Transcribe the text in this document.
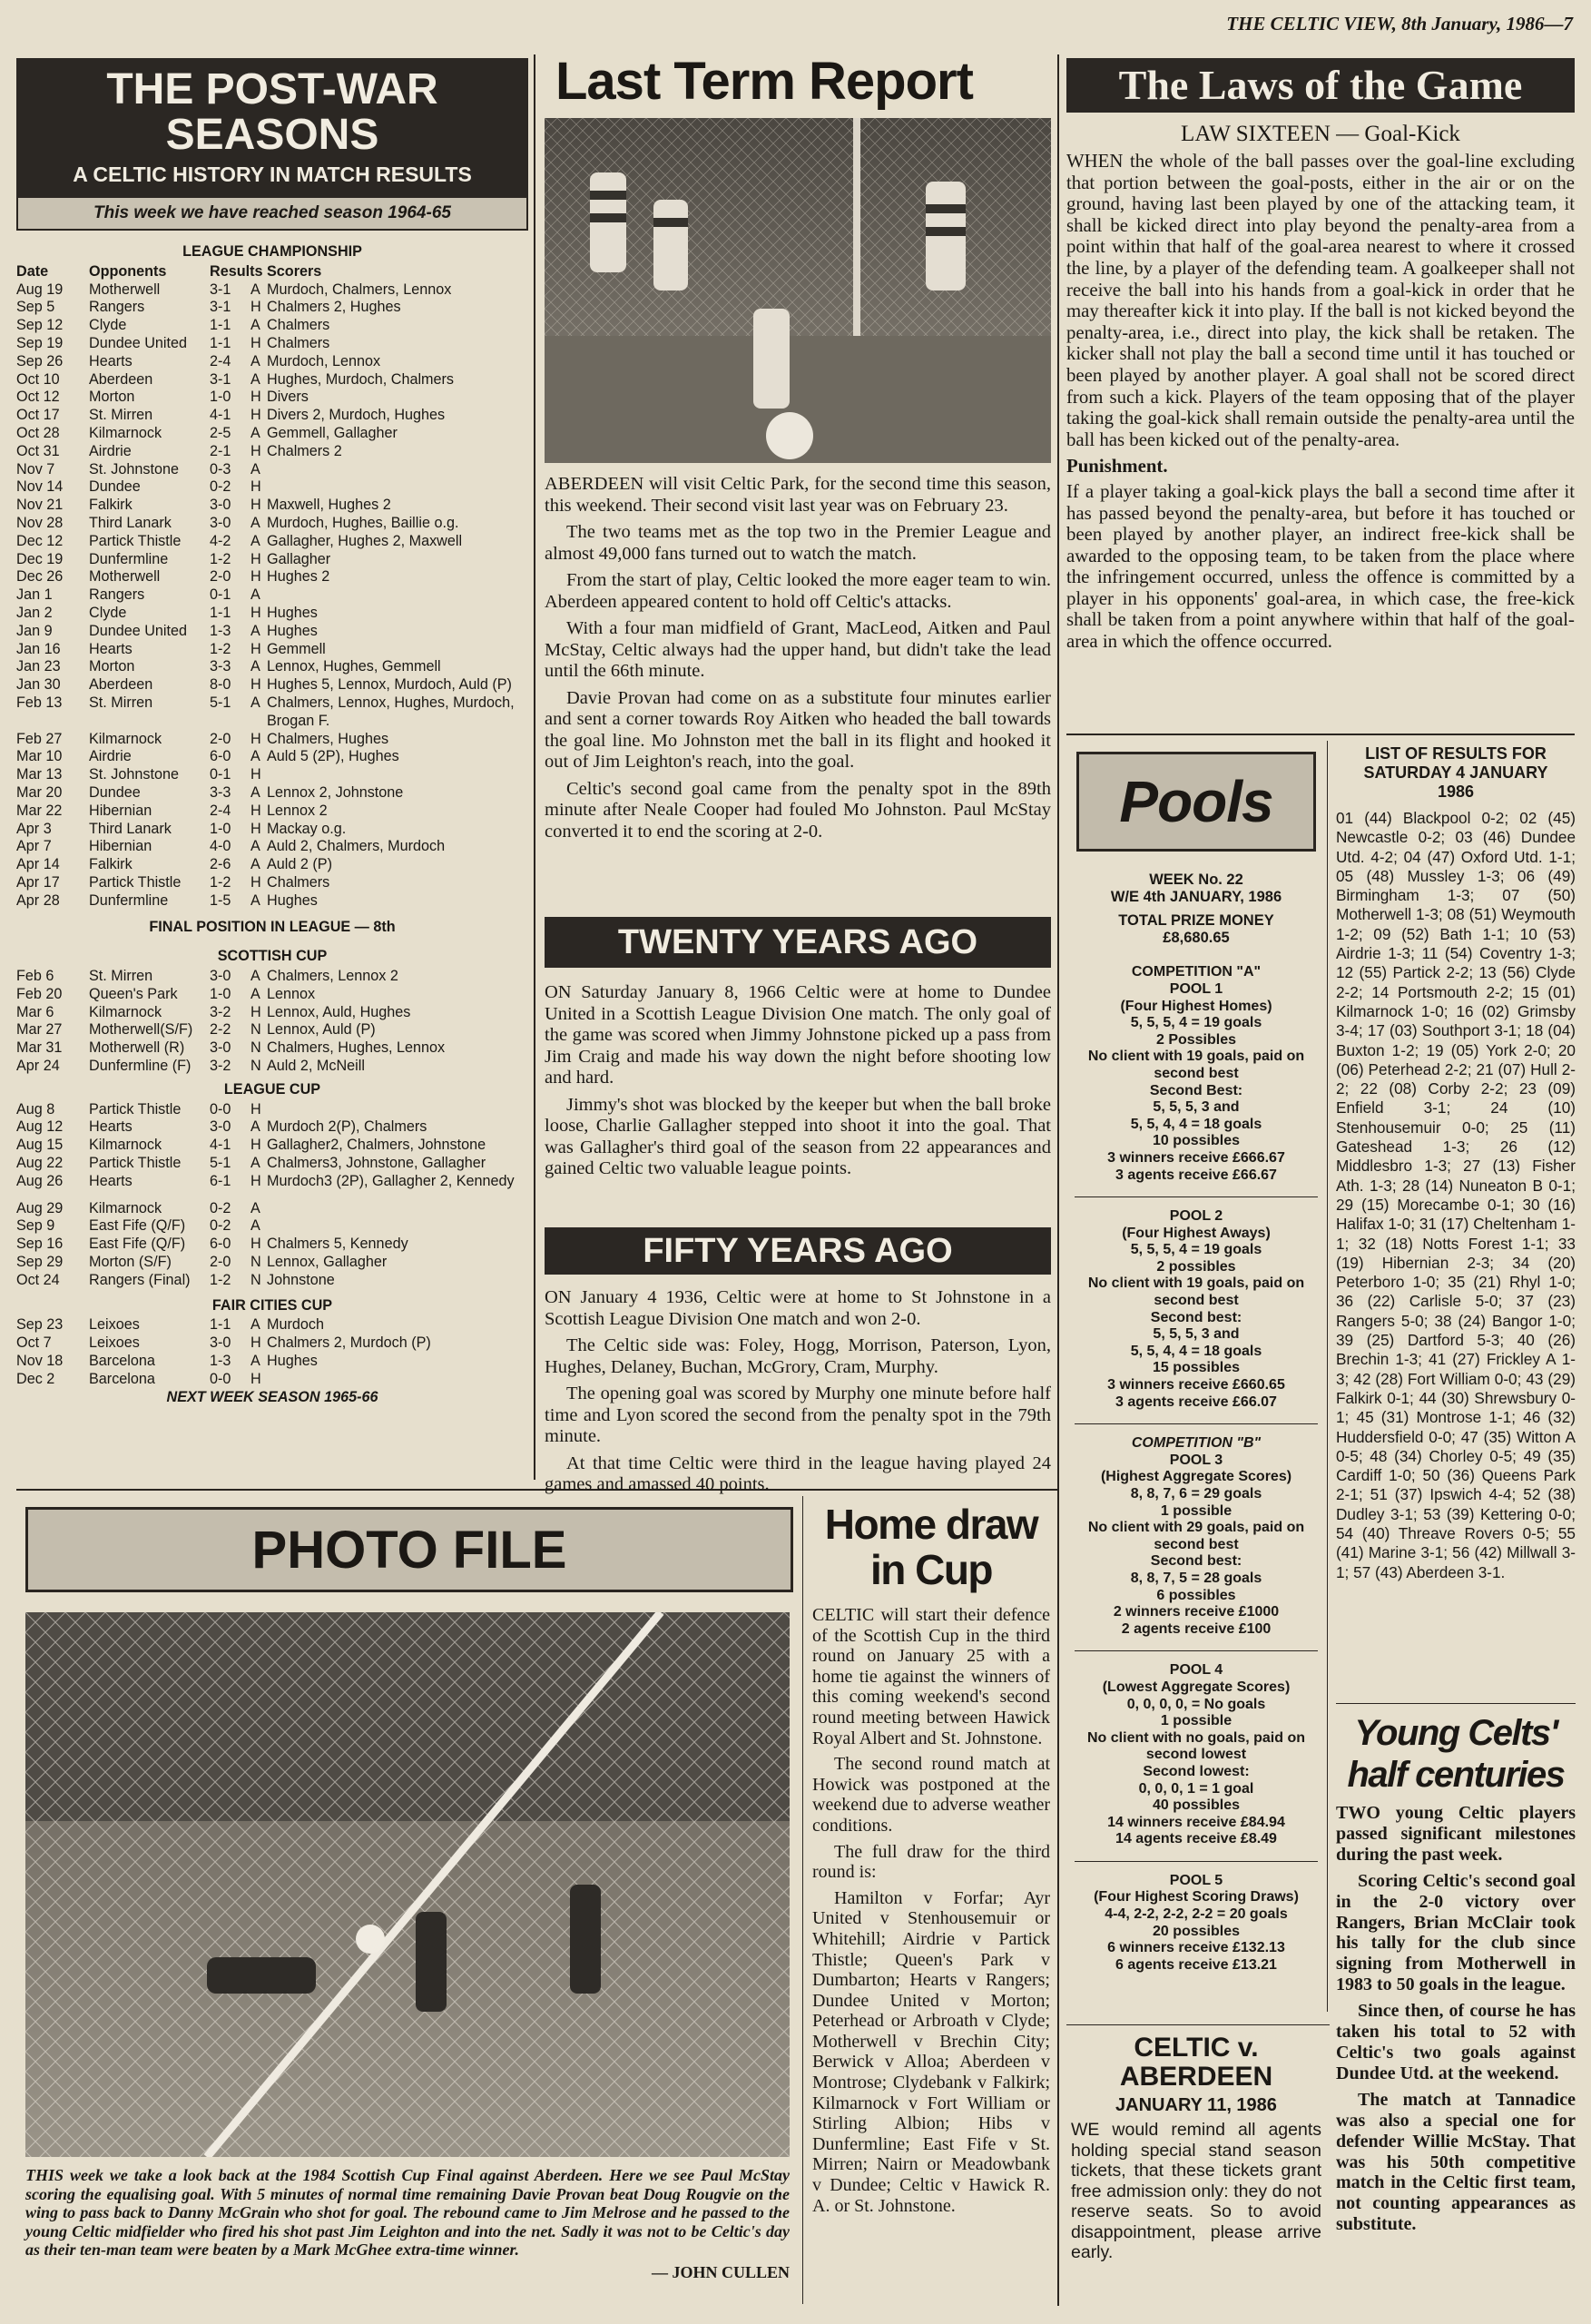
THE CELTIC VIEW, 8th January, 1986—7
THE POST-WAR
SEASONS
A CELTIC HISTORY IN MATCH RESULTS
This week we have reached season 1964-65
LEAGUE CHAMPIONSHIP
Date	Opponents	Results Scorers
Aug 19	Motherwell	3-1	A Murdoch, Chalmers, Lennox
Sep 5	Rangers	3-1	H Chalmers 2, Hughes
Sep 12	Clyde	1-1	A Chalmers
Sep 19	Dundee United	1-1	H Chalmers
Sep 26	Hearts	2-4	A Murdoch, Lennox
Oct 10	Aberdeen	3-1	A Hughes, Murdoch, Chalmers
Oct 12	Morton	1-0	H Divers
Oct 17	St. Mirren	4-1	H Divers 2, Murdoch, Hughes
Oct 28	Kilmarnock	2-5	A Gemmell, Gallagher
Oct 31	Airdrie	2-1	H Chalmers 2
Nov 7	St. Johnstone	0-3	A
Nov 14	Dundee	0-2	H
Nov 21	Falkirk	3-0	H Maxwell, Hughes 2
Nov 28	Third Lanark	3-0	A Murdoch, Hughes, Baillie o.g.
Dec 12	Partick Thistle	4-2	A Gallagher, Hughes 2, Maxwell
Dec 19	Dunfermline	1-2	H Gallagher
Dec 26	Motherwell	2-0	H Hughes 2
Jan 1	Rangers	0-1	A
Jan 2	Clyde	1-1	H Hughes
Jan 9	Dundee United	1-3	A Hughes
Jan 16	Hearts	1-2	H Gemmell
Jan 23	Morton	3-3	A Lennox, Hughes, Gemmell
Jan 30	Aberdeen	8-0	H Hughes 5, Lennox, Murdoch, Auld (P)
Feb 13	St. Mirren	5-1	A Chalmers, Lennox, Hughes, Murdoch, Brogan F.
Feb 27	Kilmarnock	2-0	H Chalmers, Hughes
Mar 10	Airdrie	6-0	A Auld 5 (2P), Hughes
Mar 13	St. Johnstone	0-1	H
Mar 20	Dundee	3-3	A Lennox 2, Johnstone
Mar 22	Hibernian	2-4	H Lennox 2
Apr 3	Third Lanark	1-0	H Mackay o.g.
Apr 7	Hibernian	4-0	A Auld 2, Chalmers, Murdoch
Apr 14	Falkirk	2-6	A Auld 2 (P)
Apr 17	Partick Thistle	1-2	H Chalmers
Apr 28	Dunfermline	1-5	A Hughes
FINAL POSITION IN LEAGUE — 8th
SCOTTISH CUP
Feb 6	St. Mirren	3-0	A Chalmers, Lennox 2
Feb 20	Queen's Park	1-0	A Lennox
Mar 6	Kilmarnock	3-2	H Lennox, Auld, Hughes
Mar 27	Motherwell(S/F)	2-2	N Lennox, Auld (P)
Mar 31	Motherwell (R)	3-0	N Chalmers, Hughes, Lennox
Apr 24	Dunfermline (F)	3-2	N Auld 2, McNeill
LEAGUE CUP
Aug 8	Partick Thistle	0-0	H
Aug 12	Hearts	3-0	A Murdoch 2(P), Chalmers
Aug 15	Kilmarnock	4-1	H Gallagher2, Chalmers, Johnstone
Aug 22	Partick Thistle	5-1	A Chalmers3, Johnstone, Gallagher
Aug 26	Hearts	6-1	H Murdoch3 (2P), Gallagher 2, Kennedy
Aug 29	Kilmarnock	0-2	A
Sep 9	East Fife (Q/F)	0-2	A
Sep 16	East Fife (Q/F)	6-0	H Chalmers 5, Kennedy
Sep 29	Morton (S/F)	2-0	N Lennox, Gallagher
Oct 24	Rangers (Final)	1-2	N Johnstone
FAIR CITIES CUP
Sep 23	Leixoes	1-1	A Murdoch
Oct 7	Leixoes	3-0	H Chalmers 2, Murdoch (P)
Nov 18	Barcelona	1-3	A Hughes
Dec 2	Barcelona	0-0	H
NEXT WEEK SEASON 1965-66
Last Term Report

ABERDEEN will visit Celtic Park, for the second time this season, this weekend. Their second visit last year was on February 23.

The two teams met as the top two in the Premier League and almost 49,000 fans turned out to watch the match.

From the start of play, Celtic looked the more eager team to win. Aberdeen appeared content to hold off Celtic's attacks.

With a four man midfield of Grant, MacLeod, Aitken and Paul McStay, Celtic always had the upper hand, but didn't take the lead until the 66th minute.

Davie Provan had come on as a substitute four minutes earlier and sent a corner towards Roy Aitken who headed the ball towards the goal line. Mo Johnston met the ball in its flight and hooked it out of Jim Leighton's reach, into the goal.

Celtic's second goal came from the penalty spot in the 89th minute after Neale Cooper had fouled Mo Johnston. Paul McStay converted it to end the scoring at 2-0.

TWENTY YEARS AGO

ON Saturday January 8, 1966 Celtic were at home to Dundee United in a Scottish League Division One match. The only goal of the game was scored when Jimmy Johnstone picked up a pass from Jim Craig and made his way down the night before shooting low and hard.

Jimmy's shot was blocked by the keeper but when the ball broke loose, Charlie Gallagher stepped into shoot it into the goal. That was Gallagher's third goal of the season from 22 appearances and gained Celtic two valuable league points.

FIFTY YEARS AGO

ON January 4 1936, Celtic were at home to St Johnstone in a Scottish League Division One match and won 2-0.

The Celtic side was: Foley, Hogg, Morrison, Paterson, Lyon, Hughes, Delaney, Buchan, McGrory, Cram, Murphy.

The opening goal was scored by Murphy one minute before half time and Lyon scored the second from the penalty spot in the 79th minute.

At that time Celtic were third in the league having played 24 games and amassed 40 points.

The Laws of the Game
LAW SIXTEEN — Goal-Kick

WHEN the whole of the ball passes over the goal-line excluding that portion between the goal-posts, either in the air or on the ground, having last been played by one of the attacking team, it shall be kicked direct into play beyond the penalty-area from a point within that half of the goal-area nearest to where it crossed the line, by a player of the defending team. A goalkeeper shall not receive the ball into his hands from a goal-kick in order that he may thereafter kick it into play. If the ball is not kicked beyond the penalty-area, i.e., direct into play, the kick shall be retaken. The kicker shall not play the ball a second time until it has touched or been played by another player. A goal shall not be scored direct from such a kick. Players of the team opposing that of the player taking the goal-kick shall remain outside the penalty-area until the ball has been kicked out of the penalty-area.

Punishment.

If a player taking a goal-kick plays the ball a second time after it has passed beyond the penalty-area, but before it has touched or been played by another player, an indirect free-kick shall be awarded to the opposing team, to be taken from the place where the infringement occurred, unless the offence is committed by a player in his opponents' goal-area, in which case, the free-kick shall be taken from a point anywhere within that half of the goal-area in which the offence occurred.

Pools
WEEK No. 22
W/E 4th JANUARY, 1986
TOTAL PRIZE MONEY
£8,680.65
COMPETITION "A"
POOL 1
(Four Highest Homes)
5, 5, 5, 4 = 19 goals
2 Possibles
No client with 19 goals, paid on second best
Second Best:
5, 5, 5, 3 and
5, 5, 4, 4 = 18 goals
10 possibles
3 winners receive £666.67
3 agents receive £66.67
POOL 2
(Four Highest Aways)
5, 5, 5, 4 = 19 goals
2 possibles
No client with 19 goals, paid on second best
Second best:
5, 5, 5, 3 and
5, 5, 4, 4 = 18 goals
15 possibles
3 winners receive £660.65
3 agents receive £66.07
COMPETITION "B"
POOL 3
(Highest Aggregate Scores)
8, 8, 7, 6 = 29 goals
1 possible
No client with 29 goals, paid on second best
Second best:
8, 8, 7, 5 = 28 goals
6 possibles
2 winners receive £1000
2 agents receive £100
POOL 4
(Lowest Aggregate Scores)
0, 0, 0, 0, = No goals
1 possible
No client with no goals, paid on second lowest
Second lowest:
0, 0, 0, 1 = 1 goal
40 possibles
14 winners receive £84.94
14 agents receive £8.49
POOL 5
(Four Highest Scoring Draws)
4-4, 2-2, 2-2, 2-2 = 20 goals
20 possibles
6 winners receive £132.13
6 agents receive £13.21
LIST OF RESULTS FOR SATURDAY 4 JANUARY 1986
01 (44) Blackpool 0-2; 02 (45) Newcastle 0-2; 03 (46) Dundee Utd. 4-2; 04 (47) Oxford Utd. 1-1; 05 (48) Mussley 1-3; 06 (49) Birmingham 1-3; 07 (50) Motherwell 1-3; 08 (51) Weymouth 1-2; 09 (52) Bath 1-1; 10 (53) Airdrie 1-3; 11 (54) Coventry 1-3; 12 (55) Partick 2-2; 13 (56) Clyde 2-2; 14 Portsmouth 2-2; 15 (01) Kilmarnock 1-0; 16 (02) Grimsby 3-4; 17 (03) Southport 3-1; 18 (04) Buxton 1-2; 19 (05) York 2-0; 20 (06) Peterhead 2-2; 21 (07) Hull 2-2; 22 (08) Corby 2-2; 23 (09) Enfield 3-1; 24 (10) Stenhousemuir 0-0; 25 (11) Gateshead 1-3; 26 (12) Middlesbro 1-3; 27 (13) Fisher Ath. 1-3; 28 (14) Nuneaton B 0-1; 29 (15) Morecambe 0-1; 30 (16) Halifax 1-0; 31 (17) Cheltenham 1-1; 32 (18) Notts Forest 1-1; 33 (19) Hibernian 2-3; 34 (20) Peterboro 1-0; 35 (21) Rhyl 1-0; 36 (22) Carlisle 5-0; 37 (23) Rangers 5-0; 38 (24) Bangor 1-0; 39 (25) Dartford 5-3; 40 (26) Brechin 1-3; 41 (27) Frickley A 1-3; 42 (28) Fort William 0-0; 43 (29) Falkirk 0-1; 44 (30) Shrewsbury 0-1; 45 (31) Montrose 1-1; 46 (32) Huddersfield 0-0; 47 (35) Witton A 0-5; 48 (34) Chorley 0-5; 49 (35) Cardiff 1-0; 50 (36) Queens Park 2-1; 51 (37) Ipswich 4-4; 52 (38) Dudley 3-1; 53 (39) Kettering 0-0; 54 (40) Threave Rovers 0-5; 55 (41) Marine 3-1; 56 (42) Millwall 3-1; 57 (43) Aberdeen 3-1.
CELTIC v.
ABERDEEN
JANUARY 11, 1986
WE would remind all agents holding special stand season tickets, that these tickets grant free admission only: they do not reserve seats. So to avoid disappointment, please arrive early.
Young Celts'
half centuries

TWO young Celtic players passed significant milestones during the past week.

Scoring Celtic's second goal in the 2-0 victory over Rangers, Brian McClair took his tally for the club since signing from Motherwell in 1983 to 50 goals in the league.

Since then, of course he has taken his total to 52 with Celtic's two goals against Dundee Utd. at the weekend.

The match at Tannadice was also a special one for defender Willie McStay. That was his 50th competitive match in the Celtic first team, not counting appearances as substitute.

PHOTO FILE
THIS week we take a look back at the 1984 Scottish Cup Final against Aberdeen. Here we see Paul McStay scoring the equalising goal. With 5 minutes of normal time remaining Davie Provan beat Doug Rougvie on the wing to pass back to Danny McGrain who shot for goal. The rebound came to Jim Melrose and he passed to the young Celtic midfielder who fired his shot past Jim Leighton and into the net. Sadly it was not to be Celtic's day as their ten-man team were beaten by a Mark McGhee extra-time winner.
— JOHN CULLEN
Home draw
in Cup

CELTIC will start their defence of the Scottish Cup in the third round on January 25 with a home tie against the winners of this coming weekend's second round meeting between Hawick Royal Albert and St. Johnstone.

The second round match at Howick was postponed at the weekend due to adverse weather conditions.

The full draw for the third round is:

Hamilton v Forfar; Ayr United v Stenhousemuir or Whitehill; Airdrie v Partick Thistle; Queen's Park v Dumbarton; Hearts v Rangers; Dundee United v Morton; Peterhead or Arbroath v Clyde; Motherwell v Brechin City; Berwick v Alloa; Aberdeen v Montrose; Clydebank v Falkirk; Kilmarnock v Fort William or Stirling Albion; Hibs v Dunfermline; East Fife v St. Mirren; Nairn or Meadowbank v Dundee; Celtic v Hawick R. A. or St. Johnstone.
